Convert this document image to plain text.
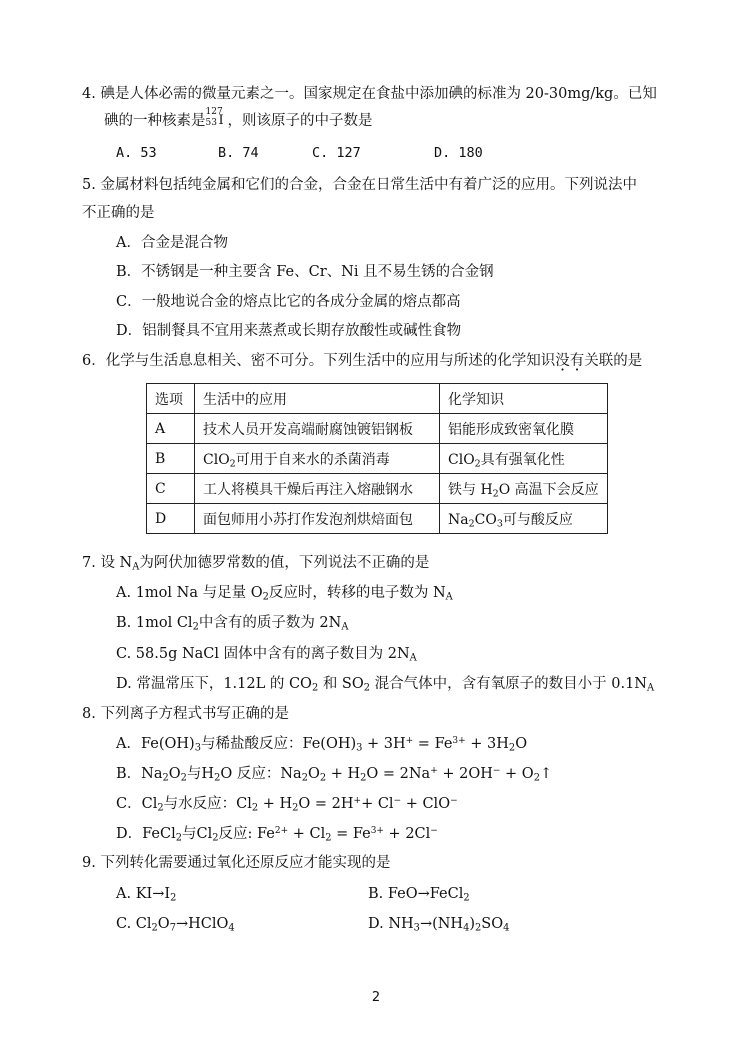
4. 碘是人体必需的微量元素之一。国家规定在食盐中添加碘的标准为 20-30mg/kg。已知
碘的一种核素是
127
53 I ，则该原子的中子数是
A. 53	B. 74	C. 127	D. 180
5. 金属材料包括纯金属和它们的合金，合金在日常生活中有着广泛的应用。下列说法中
不正确的是
A．合金是混合物
B．不锈钢是一种主要含 Fe、Cr、Ni 且不易生锈的合金钢
C．一般地说合金的熔点比它的各成分金属的熔点都高
D．铝制餐具不宜用来蒸煮或长期存放酸性或碱性食物
6．化学与生活息息相关、密不可分。下列生活中的应用与所述的化学知识没有关联的是
选项	生活中的应用	化学知识
A	技术人员开发高端耐腐蚀镀铝钢板	铝能形成致密氧化膜
B	ClO$_2$可用于自来水的杀菌消毒	ClO$_2$具有强氧化性
C	工人将模具干燥后再注入熔融钢水	铁与 $H_2O$ 高温下会反应
D	面包师用小苏打作发泡剂烘焙面包	$Na_2CO_3$可与酸反应
7. 设 $N_A$为阿伏加德罗常数的值，下列说法不正确的是
A. 1mol Na 与足量 $O_2$反应时，转移的电子数为 $N_A$
B. 1mol $Cl_2$中含有的质子数为 $2N_A$
C. 58.5g NaCl 固体中含有的离子数目为 $2N_A$
D. 常温常压下，1.12L 的 $CO_2$ 和 $SO_2$ 混合气体中，含有氧原子的数目小于 $0.1N_A$
8. 下列离子方程式书写正确的是
A．$Fe(OH)_3$与稀盐酸反应：$Fe(OH)_3 + 3H^+ = Fe^{3+} + 3H_2O$
B．$Na_2O_2$与$H_2O$ 反应：$Na_2O_2 + H_2O = 2Na^+ + 2OH^-$ + $O_2↑$
C．$Cl_2$与水反应：$Cl_2 + H_2O = 2H^++ Cl^- + ClO^-$
D．FeCl$_2$与$Cl_2$反应: $Fe^{2+} + Cl_2 = Fe^{3+} + 2Cl^-$
9. 下列转化需要通过氧化还原反应才能实现的是
A. $KI\to I_2$	B. FeO→FeCl$_2$
C. $Cl_2O_7\to HClO_4$	D. $NH_3\to(NH_4)_2SO_4$
2
